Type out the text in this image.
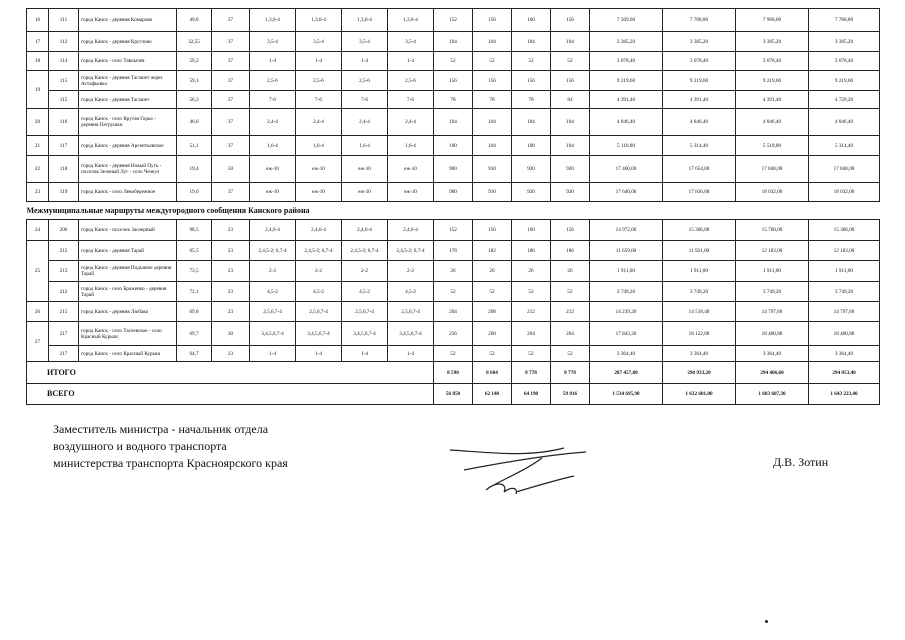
16	111	город Канск - деревня Комарово	49,8	37	1,3,6-4	1,3,6-4	1,3,6-4	1,3,6-4	152	156	160	156	7 569,60	7 768,80	7 968,00	7 768,80
17	112	город Канск - деревня Круглово	32,55	37	3,5-4	3,5-4	3,5-4	3,5-4	104	104	104	104	3 385,20	3 385,20	3 385,20	3 385,20
18	114	город Канск - село Тавлычев	59,2	37	1-4	1-4	1-4	1-4	52	52	52	52	3 078,40	3 078,40	3 078,40	3 078,40
19	115	город Канск - деревня Тагашет через Астафьевка	59,1	37	2,5-6	2,5-6	2,5-6	2,5-6	156	156	156	156	9 219,60	9 219,60	9 219,60	9 219,60
	115	город Канск - деревня Тагашет	56,3	37	7-6	7-6	7-6	7-6	78	78	78	84	4 391,40	4 391,40	4 391,40	4 729,20
20	116	город Канск - село Крутая Горка - деревня Петрушки	46,6	37	2,4-4	2,4-4	2,4-4	2,4-4	104	104	104	104	4 846,40	4 846,40	4 846,40	4 846,40
21	117	город Канск - деревня Арсентьевское	51,1	37	1,6-4	1,6-4	1,6-4	1,6-4	100	104	108	104	5 110,00	5 314,40	5 518,80	5 314,40
22	118	город Канск - деревня Новый Путь - поселок Зеленый Луг - село Чечеул	19,4	50	еж-10	еж-10	еж-10	еж-10	900	910	920	920	17 460,00	17 654,00	17 848,00	17 848,00
23	119	город Канск - село Левобережное	19,6	37	еж-10	еж-10	еж-10	еж-10	900	910	920	920	17 640,00	17 836,00	18 032,00	18 032,00
Межмуниципальные маршруты междугородного сообщения Канского района																
24	206	город Канск - поселок Заозерный	98,5	23	2,4,6-4	2,4,6-4	2,4,6-4	2,4,6-4	152	156	160	156	14 972,00	15 366,00	15 760,00	15 366,00
25	212	город Канск - деревня Тарай	65,5	23	2,4,5-2; 6,7-4	2,4,5-2; 6,7-4	2,4,5-2; 6,7-4	2,4,5-2; 6,7-4	178	182	186	186	11 659,00	11 921,00	12 183,00	12 183,00
	213	город Канск - деревня Подъяное деревня Тарай	73,5	23	2-2	2-2	2-2	2-2	26	26	26	26	1 911,00	1 911,00	1 911,00	1 911,00
	212	город Канск - село Браженко - деревня Тарай	72,1	23	4,5-2	4,5-2	4,5-2	4,5-2	52	52	52	52	3 749,20	3 749,20	3 749,20	3 749,20
26	215	город Канск - деревня Любава	69,8	23	2,5,6,7-4	2,5,6,7-4	2,5,6,7-4	2,5,6,7-4	204	208	212	212	14 239,20	14 518,40	14 797,60	14 797,60
27	217	город Канск - село Тасеевское - село Красный Курыш	69,7	30	3,4,5,6,7-4	3,4,5,6,7-4	3,4,5,6,7-4	3,4,5,6,7-4	256	260	264	264	17 843,20	18 122,00	18 400,80	18 400,80
	217	город Канск - село Красный Курыш	64,7	23	1-4	1-4	1-4	1-4	52	52	52	52	3 364,40	3 364,40	3 364,40	3 364,40
ИТОГО									8 590	8 684	8 778	8 778	287 457,80	290 933,20	294 406,60	294 053,40
ВСЕГО									56 858	62 148	64 190	59 816	1 534 695,90	1 632 601,00	1 683 607,30	1 643 223,40
Заместитель министра - начальник отдела
воздушного и водного транспорта
министерства транспорта Красноярского края	Д.В. Зотин
